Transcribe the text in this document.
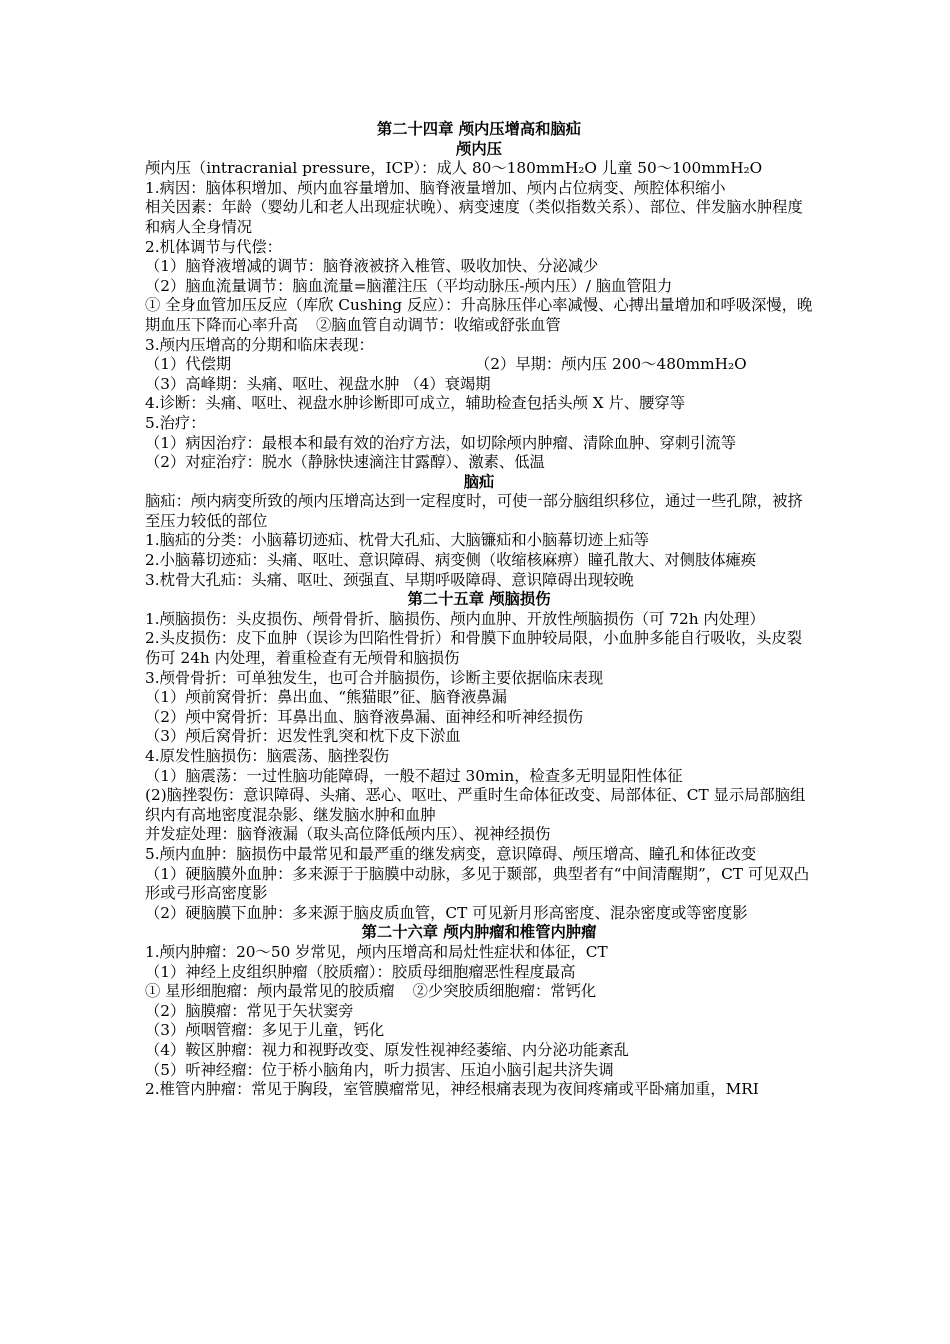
第二十四章 颅内压增高和脑疝
颅内压
颅内压（intracranial pressure，ICP）：成人 80～180mmH₂O 儿童 50～100mmH₂O
1.病因：脑体积增加、颅内血容量增加、脑脊液量增加、颅内占位病变、颅腔体积缩小
相关因素：年龄（婴幼儿和老人出现症状晚）、病变速度（类似指数关系）、部位、伴发脑水肿程度和病人全身情况
2.机体调节与代偿：
（1）脑脊液增减的调节：脑脊液被挤入椎管、吸收加快、分泌减少
（2）脑血流量调节：脑血流量=脑灌注压（平均动脉压-颅内压）/ 脑血管阻力
① 全身血管加压反应（库欣 Cushing 反应）：升高脉压伴心率减慢、心搏出量增加和呼吸深慢，晚期血压下降而心率升高 ②脑血管自动调节：收缩或舒张血管
3.颅内压增高的分期和临床表现：
（1）代偿期	（2）早期：颅内压 200～480mmH₂O
（3）高峰期：头痛、呕吐、视盘水肿 （4）衰竭期
4.诊断：头痛、呕吐、视盘水肿诊断即可成立，辅助检查包括头颅 X 片、腰穿等
5.治疗：
（1）病因治疗：最根本和最有效的治疗方法，如切除颅内肿瘤、清除血肿、穿刺引流等
（2）对症治疗：脱水（静脉快速滴注甘露醇）、激素、低温
脑疝
脑疝：颅内病变所致的颅内压增高达到一定程度时，可使一部分脑组织移位，通过一些孔隙，被挤至压力较低的部位
1.脑疝的分类：小脑幕切迹疝、枕骨大孔疝、大脑镰疝和小脑幕切迹上疝等
2.小脑幕切迹疝：头痛、呕吐、意识障碍、病变侧（收缩核麻痹）瞳孔散大、对侧肢体瘫痪
3.枕骨大孔疝：头痛、呕吐、颈强直、早期呼吸障碍、意识障碍出现较晚
第二十五章 颅脑损伤
1.颅脑损伤：头皮损伤、颅骨骨折、脑损伤、颅内血肿、开放性颅脑损伤（可 72h 内处理）
2.头皮损伤：皮下血肿（误诊为凹陷性骨折）和骨膜下血肿较局限，小血肿多能自行吸收，头皮裂伤可 24h 内处理，着重检查有无颅骨和脑损伤
3.颅骨骨折：可单独发生，也可合并脑损伤，诊断主要依据临床表现
（1）颅前窝骨折：鼻出血、“熊猫眼”征、脑脊液鼻漏
（2）颅中窝骨折：耳鼻出血、脑脊液鼻漏、面神经和听神经损伤
（3）颅后窝骨折：迟发性乳突和枕下皮下淤血
4.原发性脑损伤：脑震荡、脑挫裂伤
（1）脑震荡：一过性脑功能障碍，一般不超过 30min，检查多无明显阳性体征
(2)脑挫裂伤：意识障碍、头痛、恶心、呕吐、严重时生命体征改变、局部体征、CT 显示局部脑组织内有高地密度混杂影、继发脑水肿和血肿
并发症处理：脑脊液漏（取头高位降低颅内压）、视神经损伤
5.颅内血肿：脑损伤中最常见和最严重的继发病变，意识障碍、颅压增高、瞳孔和体征改变
（1）硬脑膜外血肿：多来源于于脑膜中动脉，多见于颞部，典型者有“中间清醒期”，CT 可见双凸形或弓形高密度影
（2）硬脑膜下血肿：多来源于脑皮质血管，CT 可见新月形高密度、混杂密度或等密度影
第二十六章 颅内肿瘤和椎管内肿瘤
1.颅内肿瘤：20～50 岁常见，颅内压增高和局灶性症状和体征，CT
（1）神经上皮组织肿瘤（胶质瘤）：胶质母细胞瘤恶性程度最高
① 星形细胞瘤：颅内最常见的胶质瘤 ②少突胶质细胞瘤：常钙化
（2）脑膜瘤：常见于矢状窦旁
（3）颅咽管瘤：多见于儿童，钙化
（4）鞍区肿瘤：视力和视野改变、原发性视神经萎缩、内分泌功能紊乱
（5）听神经瘤：位于桥小脑角内，听力损害、压迫小脑引起共济失调
2.椎管内肿瘤：常见于胸段，室管膜瘤常见，神经根痛表现为夜间疼痛或平卧痛加重，MRI
